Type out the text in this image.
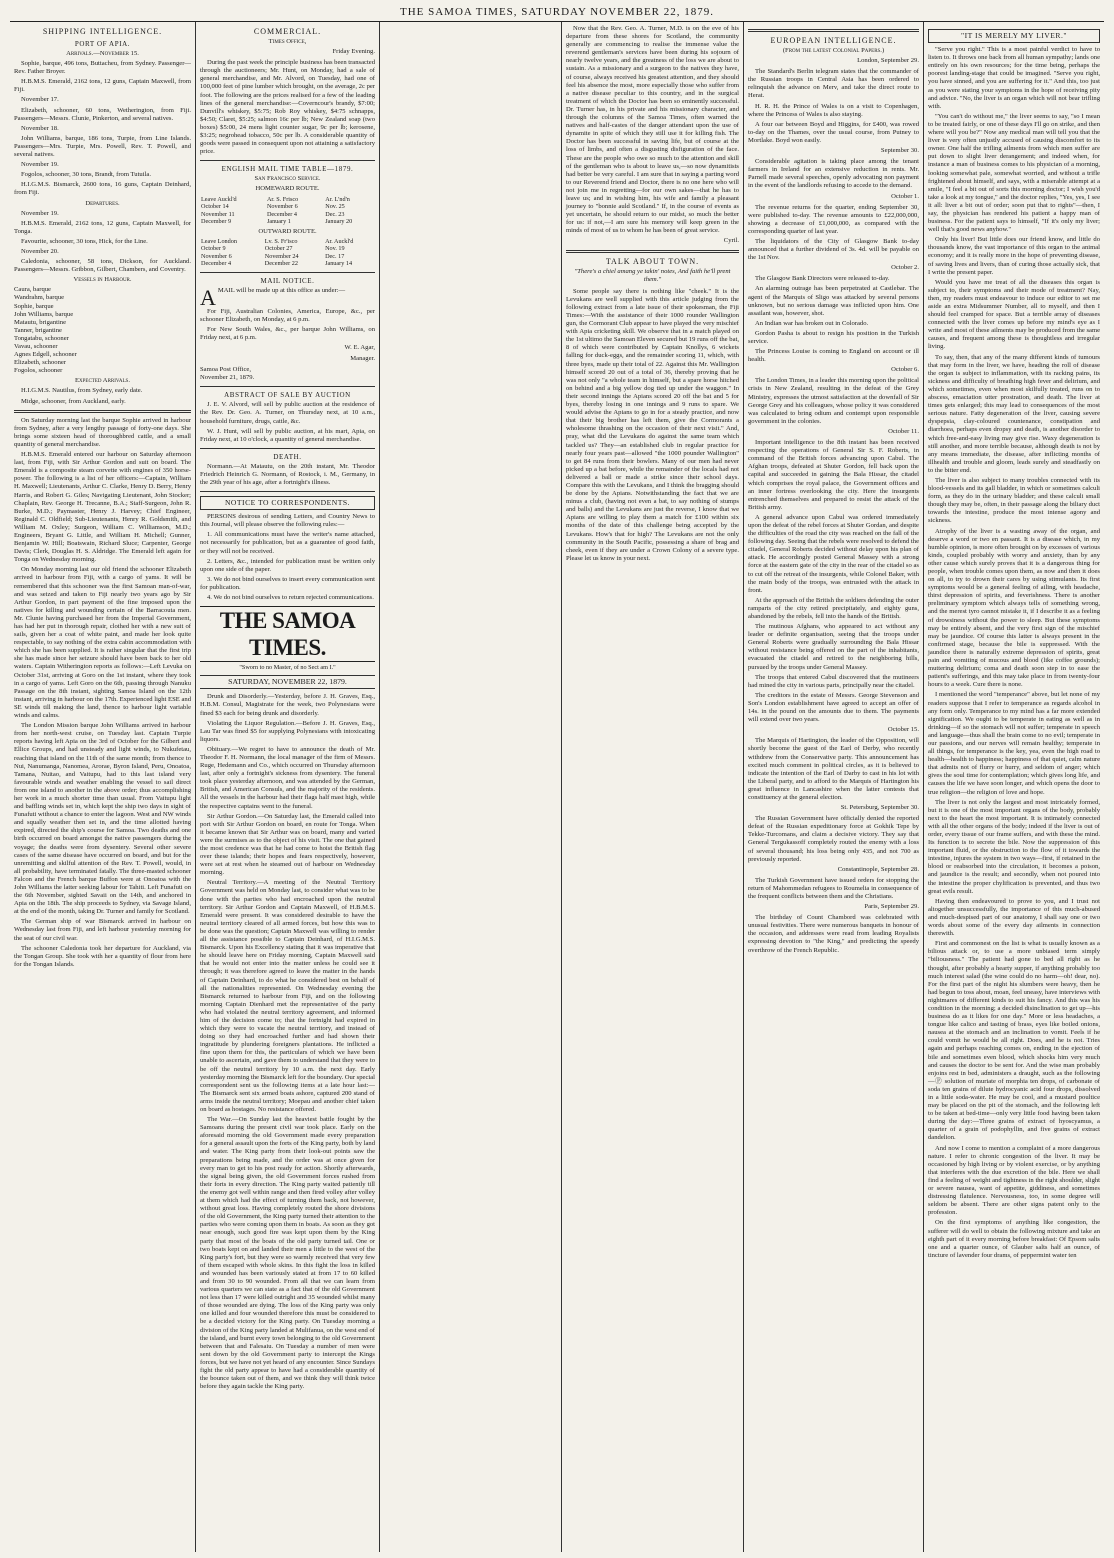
THE SAMOA TIMES, SATURDAY NOVEMBER 22, 1879.
SHIPPING INTELLIGENCE.
PORT OF APIA.
Arrivals.—November 15.

Sophie, barque, 496 tons, Buttacheu, from Sydney. Passenger—Rev. Father Broyer.

H.B.M.S. Emerald, 2162 tons, 12 guns, Captain Maxwell, from Fiji.

November 17.

Elizabeth, schooner, 60 tons, Wetherington, from Fiji. Passengers—Messrs. Clunie, Pinkerton, and several natives.

November 18.

John Williams, barque, 186 tons, Turpie, from Line Islands. Passengers—Mrs. Turpie, Mrs. Powell, Rev. T. Powell, and several natives.

November 19.

Fogolos, schooner, 30 tons, Brandt, from Tutuila.

H.I.G.M.S. Bismarck, 2600 tons, 16 guns, Captain Deinhard, from Fiji.

Departures.

November 19.

H.B.M.S. Emerald, 2162 tons, 12 guns, Captain Maxwell, for Tonga.

Favourite, schooner, 30 tons, Hick, for the Line.

November 20.

Caledonia, schooner, 58 tons, Dickson, for Auckland. Passengers—Messrs. Gribbon, Gilbert, Chambers, and Coventry.

Vessels in Harbour.
Caura, barque
Wandrahm, barque
Sophie, barque
John Williams, barque
Matautu, brigantine
Tanner, brigantine
Tongatabu, schooner
Vavau, schooner
Agnes Edgell, schooner
Elizabeth, schooner
Fogolos, schooner
Expected Arrivals.

H.I.G.M.S. Nautilus, from Sydney, early date.

Midge, schooner, from Auckland, early.

On Saturday morning last the barque Sophie arrived in harbour from Sydney, after a very lengthy passage of forty-one days. She brings some sixteen head of thoroughbred cattle, and a small quantity of general merchandise.

H.B.M.S. Emerald entered our harbour on Saturday afternoon last, from Fiji, with Sir Arthur Gordon and suit on board. The Emerald is a composite steam corvette with engines of 350 horse-power. The following is a list of her officers:—Captain, William H. Maxwell; Lieutenants, Arthur C. Clarke, Henry D. Berry, Henry Harris, and Robert G. Giles; Navigating Lieutenant, John Stocker; Chaplain, Rev. George H. Trecanne, B.A.; Staff-Surgeon, John R. Burke, M.D.; Paymaster, Henry J. Harvey; Chief Engineer, Reginald C. Oldfield; Sub-Lieutenants, Henry R. Goldsmith, and William M. Oxley; Surgeon, William C. Williamson, M.D.; Engineers, Bryant G. Little, and William H. Michell; Gunner, Benjamin W. Hill; Boatswain, Richard Sluce; Carpenter, George Davis; Clerk, Douglas H. S. Aldridge. The Emerald left again for Tonga on Wednesday morning.

On Monday morning last our old friend the schooner Elizabeth arrived in harbour from Fiji, with a cargo of yams. It will be remembered that this schooner was the first Samoan man-of-war, and was seized and taken to Fiji nearly two years ago by Sir Arthur Gordon, in part payment of the fine imposed upon the natives for killing and wounding certain of the Barracouta men. Mr. Clunie having purchased her from the Imperial Government, has had her put in thorough repair, clothed her with a new suit of sails, given her a coat of white paint, and made her look quite respectable, to say nothing of the extra cabin accommodation with which she has been supplied. It is rather singular that the first trip she has made since her seizure should have been back to her old waters. Captain Witherington reports as follows:—Left Levuka on October 31st, arriving at Goro on the 1st instant, where they took in a cargo of yams. Left Goro on the 6th, passing through Nanuku Passage on the 8th instant, sighting Samoa Island on the 12th instant, arriving in harbour on the 17th. Experienced light ESE and SE winds till making the land, thence to harbour light variable winds and calms.

The London Mission barque John Williams arrived in harbour from her north-west cruise, on Tuesday last. Captain Turpie reports having left Apia on the 3rd of October for the Gilbert and Ellice Groups, and had unsteady and light winds, to Nukufetau, reaching that island on the 11th of the same month; from thence to Nui, Nanumanga, Nanomea, Arorae, Byron Island, Peru, Onoatoa, Tamana, Nuitao, and Vaitupu, had to this last island very favourable winds and weather enabling the vessel to sail direct from one island to another in the above order; thus accomplishing her work in a much shorter time than usual. From Vaitupu light and baffling winds set in, which kept the ship two days in sight of Funafuti without a chance to enter the lagoon. West and NW winds and squally weather then set in, and the time allotted having expired, directed the ship's course for Samoa. Two deaths and one birth occurred on board amongst the native passengers during the voyage; the deaths were from dysentery. Several other severe cases of the same disease have occurred on board, and but for the unremitting and skilful attention of the Rev. T. Powell, would, in all probability, have terminated fatally. The three-masted schooner Falcon and the French barque Buffon were at Onoatoa with the John Williams the latter seeking labour for Tahiti. Left Funafuti on the 6th November, sighted Savaii on the 14th, and anchored in Apia on the 18th. The ship proceeds to Sydney, via Savage Island, at the end of the month, taking Dr. Turner and family for Scotland.

The German ship of war Bismarck arrived in harbour on Wednesday last from Fiji, and left harbour yesterday morning for the seat of our civil war.

The schooner Caledonia took her departure for Auckland, via the Tongan Group. She took with her a quantity of flour from here for the Tongan Islands.

COMMERCIAL.
Times Office,
Friday Evening.

During the past week the principle business has been transacted through the auctioneers; Mr. Hunt, on Monday, had a sale of general merchandise, and Mr. Alvord, on Tuesday, had one of 100,000 feet of pine lumber which brought, on the average, 2c per foot. The following are the prices realised for a few of the leading lines of the general merchandise:—Coverncour's brandy, $7:00; Dunvill's whiskey, $5:75; Rob Roy whiskey, $4:75 schnapps, $4:50; Claret, $5:25; salmon 16c per lb; New Zealand soap (two boxes) $5:00, 24 mens light counter sugar, 9c per lb; kerosene, $3:25; negrohead tobacco, 50c per lb. A considerable quantity of goods were passed in consequent upon not attaining a satisfactory price.

ENGLISH MAIL TIME TABLE—1879.
San Francisco Service.
HOMEWARD ROUTE.
Leave Auckl'd	Ar. S. Frisco	Ar. L'nd'n
October 14	November 6	Nov. 25
November 11	December 4	Dec. 23
December 9	January 1	January 20
OUTWARD ROUTE.
Leave London	Lv. S. Fr'isco	Ar. Auckl'd
October 9	October 27	Nov. 19
November 6	November 24	Dec. 17
December 4	December 22	January 14
MAIL NOTICE.

AMAIL will be made up at this office as under:—

For Fiji, Australian Colonies, America, Europe, &c., per schooner Elizabeth, on Monday, at 6 p.m.

For New South Wales, &c., per barque John Williams, on Friday next, at 6 p.m.

W. E. Agar,
Manager.
Samoa Post Office,
November 21, 1879.
ABSTRACT OF SALE BY AUCTION

J. E. V. Alvord, will sell by public auction at the residence of the Rev. Dr. Geo. A. Turner, on Thursday next, at 10 a.m., household furniture, drugs, cattle, &c.

W. J. Hunt, will sell by public auction, at his mart, Apia, on Friday next, at 10 o'clock, a quantity of general merchandise.

DEATH.

Normann.—At Matautu, on the 20th instant, Mr. Theodor Friedrich Heinrich G. Normann, of Rostock, i. M., Germany, in the 29th year of his age, after a fortnight's illness.

NOTICE TO CORRESPONDENTS.

PERSONS desirous of sending Letters, and Country News to this Journal, will please observe the following rules:—

1. All communications must have the writer's name attached, not necessarily for publication, but as a guarantee of good faith, or they will not be received.

2. Letters, &c., intended for publication must be written only upon one side of the paper.

3. We do not bind ourselves to insert every communication sent for publication.

4. We do not bind ourselves to return rejected communications.

THE SAMOA TIMES.
"Sworn to no Master, of no Sect am I."
SATURDAY, NOVEMBER 22, 1879.

Drunk and Disorderly.—Yesterday, before J. H. Graves, Esq., H.B.M. Consul, Magistrate for the week, two Polynesians were fined $3 each for being drunk and disorderly.

Violating the Liquor Regulation.—Before J. H. Graves, Esq., Lau Tar was fined $5 for supplying Polynesians with intoxicating liquors.

Obituary.—We regret to have to announce the death of Mr. Theodor F. H. Normann, the local manager of the firm of Messrs. Ruge, Hedemann and Co., which occurred on Thursday afternoon last, after only a fortnight's sickness from dysentery. The funeral took place yesterday afternoon, and was attended by the German, British, and American Consuls, and the majority of the residents. All the vessels in the harbour had their flags half mast high, while the respective captains went to the funeral.

Sir Arthur Gordon.—On Saturday last, the Emerald called into port with Sir Arthur Gordon on board, en route for Tonga. When it became known that Sir Arthur was on board, many and varied were the surmises as to the object of his visit. The one that gained the most credence was that he had come to hoist the British flag over these islands; their hopes and fears respectively, however, were set at rest when he steamed out of harbour on Wednesday morning.

Neutral Territory.—A meeting of the Neutral Territory Government was held on Monday last, to consider what was to be done with the parties who had encroached upon the neutral territory. Sir Arthur Gordon and Captain Maxwell, of H.B.M.S. Emerald were present. It was considered desirable to have the neutral territory cleared of all armed forces, but how this was to be done was the question; Captain Maxwell was willing to render all the assistance possible to Captain Deinhard, of H.I.G.M.S. Bismarck. Upon his Excellency stating that it was imperative that he should leave here on Friday morning, Captain Maxwell said that he would not enter into the matter unless he could see it through; it was therefore agreed to leave the matter in the hands of Captain Deinhard, to do what he considered best on behalf of all the nationalities represented. On Wednesday evening the Bismarck returned to harbour from Fiji, and on the following morning Captain Dienhard met the representative of the party who had violated the neutral territory agreement, and informed him of the decision come to; that the fortnight had expired in which they were to vacate the neutral territory, and instead of doing so they had encroached further and had shown their ingratitude by plundering foreigners plantations. He inflicted a fine upon them for this, the particulars of which we have been unable to ascertain, and gave them to understand that they were to be off the neutral territory by 10 a.m. the next day. Early yesterday morning the Bismarck left for the boundary. Our special correspondent sent us the following items at a late hour last:—The Bismarck sent six armed boats ashore, captured 200 stand of arms inside the neutral territory; Moepau and another chief taken on board as hostages. No resistance offered.

The War.—On Sunday last the heaviest battle fought by the Samoans during the present civil war took place. Early on the aforesaid morning the old Government made every preparation for a general assault upon the forts of the King party, both by land and water. The King party from their look-out points saw the preparations being made, and the order was at once given for every man to get to his post ready for action. Shortly afterwards, the signal being given, the old Government forces rushed from their forts in every direction. The King party waited patiently till the enemy got well within range and then fired volley after volley at them which had the effect of turning them back, not however, without great loss. Having completely routed the shore divisions of the old Government, the King party turned their attention to the parties who were coming upon them in boats. As soon as they got near enough, such good fire was kept upon them by the King party that most of the boats of the old party turned tail. One or two boats kept on and landed their men a little to the west of the King party's fort, but they were so warmly received that very few of them escaped with whole skins. In this fight the loss in killed and wounded has been variously stated at from 17 to 60 killed and from 30 to 90 wounded. From all that we can learn from various quarters we can state as a fact that of the old Government not less than 17 were killed outright and 35 wounded whilst many of those wounded are dying. The loss of the King party was only one killed and four wounded therefore this must be considered to be a decided victory for the King party. On Tuesday morning a division of the King party landed at Mulifanua, on the west end of the island, and burnt every town belonging to the old Government between that and Falesaiu. On Tuesday a number of men were sent down by the old Government party to intercept the Kings forces, but we have not yet heard of any encounter. Since Sundays fight the old party appear to have had a considerable quantity of the bounce taken out of them, and we think they will think twice before they again tackle the King party.

Now that the Rev. Geo. A. Turner, M.D. is on the eve of his departure from these shores for Scotland, the community generally are commencing to realise the immense value the reverend gentleman's services have been during his sojourn of nearly twelve years, and the greatness of the loss we are about to sustain. As a missionary and a surgeon to the natives they have, of course, always received his greatest attention, and they should feel his absence the most, more especially those who suffer from a native disease peculiar to this country, and in the surgical treatment of which the Doctor has been so eminently successful. Dr. Turner has, in his private and his missionary character, and through the columns of the Samoa Times, often warned the natives and half-castes of the danger attendant upon the use of dynamite in spite of which they still use it for killing fish. The Doctor has been successful in saving life, but of course at the loss of limbs, and often a disgusting disfiguration of the face. These are the people who owe so much to the attention and skill of the gentleman who is about to leave us,—so now dynamitists had better be very careful. I am sure that in saying a parting word to our Reverend friend and Doctor, there is no one here who will not join me in regretting—for our own sakes—that he has to leave us; and in wishing him, his wife and family a pleasant journey to "bonnie auld Scotland." If, in the course of events as yet uncertain, he should return to our midst, so much the better for us: if not,—I am sure his memory will keep green in the minds of most of us to whom he has been of great service.

Cyril.
TALK ABOUT TOWN.
"There's a chiel amang ye takin' notes, And faith he'll prent them."

Some people say there is nothing like "cheek." It is the Levukans are well supplied with this article judging from the following extract from a late issue of their spokesman, the Fiji Times:—With the assistance of their 1000 rounder Wallington gun, the Cormorant Club appear to have played the very mischief with Apia cricketing skill. We observe that in a match played on the 1st ultimo the Samoan Eleven secured but 19 runs off the bat, 8 of which were contributed by Captain Knollys, 6 wickets falling for duck-eggs, and the remainder scoring 11, which, with three byes, made up their total of 22. Against this Mr. Wallington himself scored 20 out of a total of 36, thereby proving that he was not only "a whole team in himself, but a spare horse hitched on behind and a big yellow dog tied up under the waggon." In their second innings the Apians scored 20 off the bat and 5 for byes, thereby losing in one innings and 9 runs to spare. We would advise the Apians to go in for a steady practice, and now that their big brother has left them, give the Cormorants a wholesome thrashing on the occasion of their next visit." And, pray, what did the Levukans do against the same team which tackled us? They—an established club in regular practice for nearly four years past—allowed "the 1000 pounder Wallington" to get 84 runs from their bowlers. Many of our men had never picked up a bat before, while the remainder of the locals had not delivered a ball or made a strike since their school days. Compare this with the Levukans, and I think the bragging should be done by the Apians. Notwithstanding the fact that we are minus a club, (having not even a bat, to say nothing of stumps and balls) and the Levukans are just the reverse, I know that we Apians are willing to play them a match for £100 within six months of the date of this challenge being accepted by the Levukans. How's that for high? The Levukans are not the only community in the South Pacific, possessing a share of brag and cheek, even if they are under a Crown Colony of a severe type. Please let us know in your next.

EUROPEAN INTELLIGENCE.
(From the latest Colonial Papers.)
London, September 29.

The Standard's Berlin telegram states that the commander of the Russian troops in Central Asia has been ordered to relinquish the advance on Merv, and take the direct route to Herat.

H. R. H. the Prince of Wales is on a visit to Copenhagen, where the Princess of Wales is also staying.

A four oar between Boyd and Higgins, for £400, was rowed to-day on the Thames, over the usual course, from Putney to Mortlake. Boyd won easily.

September 30.

Considerable agitation is taking place among the tenant farmers in Ireland for an extensive reduction in rents. Mr. Parnell made several speeches, openly advocating non payment in the event of the landlords refusing to accede to the demand.

October 1.

The revenue returns for the quarter, ending September 30, were published to-day. The revenue amounts to £22,000,000, showing a decrease of £1,000,000, as compared with the corresponding quarter of last year.

The liquidators of the City of Glasgow Bank to-day announced that a further dividend of 3s. 4d. will be payable on the 1st Nov.

October 2.

The Glasgow Bank Directors were released to-day.

An alarming outrage has been perpetrated at Castlebar. The agent of the Marquis of Sligo was attacked by several persons unknown, but no serious damage was inflicted upon him. One assailant was, however, shot.

An Indian war has broken out in Colorado.

Gordon Pasha is about to resign his position in the Turkish service.

The Princess Louise is coming to England on account or ill health.

October 6.

The London Times, in a leader this morning upon the political crisis in New Zealand, resulting in the defeat of the Grey Ministry, expresses the utmost satisfaction at the downfall of Sir George Grey and his colleagues, whose policy it was considered was calculated to bring odium and contempt upon responsible government in the colonies.

October 11.

Important intelligence to the 8th instant has been received respecting the operations of General Sir S. F. Roberts, in command of the British forces advancing upon Cabul. The Afghan troops, defeated at Shuter Gordon, fell back upon the capital and succeeded in gaining the Bala Hissar, the citadel which comprises the royal palace, the Government offices and an inner fortress overlooking the city. Here the insurgents entrenched themselves and prepared to resist the attack of the British army.

A general advance upon Cabul was ordered immediately upon the defeat of the rebel forces at Shuter Gordan, and despite the difficulties of the road the city was reached on the fall of the following day. Seeing that the rebels were resolved to defend the citadel, General Roberts decided without delay upon his plan of attack. He accordingly posted General Massey with a strong force at the eastern gate of the city in the rear of the citadel so as to cut off the retreat of the insurgents, while Colonel Baker, with the main body of the troops, was entrusted with the attack in front.

At the approach of the British the soldiers defending the outer ramparts of the city retired precipitately, and eighty guns, abandoned by the rebels, fell into the hands of the British.

The mutinous Afghans, who appeared to act without any leader or definite organisation, seeing that the troops under General Roberts were gradually surrounding the Bala Hissar without resistance being offered on the part of the inhabitants, evacuated the citadel and retired to the neighboring hills, pursued by the troops under General Massey.

The troops that entered Cabul discovered that the mutineers had mined the city in various parts, principally near the citadel.

The creditors in the estate of Messrs. George Stevenson and Son's London establishment have agreed to accept an offer of 14s. in the pound on the amounts due to them. The payments will extend over two years.

October 15.

The Marquis of Hartington, the leader of the Opposition, will shortly become the guest of the Earl of Derby, who recently withdrew from the Conservative party. This announcement has excited much comment in political circles, as it is believed to indicate the intention of the Earl of Darby to cast in his lot with the Liberal party, and to afford to the Marquis of Hartington his great influence in Lancashire when the latter contests that constituency at the general election.

St. Petersburg, September 30.

The Russian Government have officially denied the reported defeat of the Russian expeditionary force at Gokhik Tepe by Tekke-Turcomans, and claim a decisive victory. They say that General Tergukassoff completely routed the enemy with a loss of several thousand; his loss being only 435, and not 700 as previously reported.

Constantinople, September 28.

The Turkish Government have issued orders for stopping the return of Mahommedan refugees to Roumelia in consequence of the frequent conflicts between them and the Christians.

Paris, September 29.

The birthday of Count Chambord was celebrated with unusual festivities. There were numerous banquets in honour of the occasion, and addresses were read from leading Royalists expressing devotion to "the King," and predicting the speedy overthrow of the French Republic.

"IT IS MERELY MY LIVER."

"Serve you right." This is a most painful verdict to have to listen to. It throws one back from all human sympathy; lands one entirely on his own resources; for the time being, perhaps the poorest landing-stage that could be imagined. "Serve you right, you have sinned, and you are suffering for it." And this, too just as you were stating your symptoms in the hope of receiving pity and advice. "No, the liver is an organ which will not bear trifling with.

"You can't do without me," the liver seems to say, "so I mean to be treated fairly, or one of these days I'll go on strike, and then where will you be?" Now any medical man will tell you that the liver is very often unjustly accused of causing discomfort to its owner. One half the trifling ailments from which men suffer are put down to slight liver derangement; and indeed when, for instance a man of business comes to his physician of a morning, looking somewhat pale, somewhat worried, and without a trifle frightened about himself, and says, with a miserable attempt at a smile, "I feel a bit out of sorts this morning doctor; I wish you'd take a look at my tongue," and the doctor replies, "Yes, yes, I see it all: liver a bit out of order; soon put that to rights"—then, I say, the physician has rendered his patient a happy man of business. For the patient says to himself, "If it's only my liver; well that's good news anyhow."

Only his liver! But little does our friend know, and little do thousands know, the vast importance of this organ to the animal economy; and it is really more in the hope of preventing disease, of saving lives and livers, than of curing those actually sick, that I write the present paper.

Would you have me treat of all the diseases this organ is subject to, their symptoms and their mode of treatment? Nay, then, my readers must endeavour to induce our editor to set me aside an extra Midsummer Number, all to myself, and then I should feel cramped for space. But a terrible array of diseases connected with the liver comes up before my mind's eye as I write and most of these ailments may be produced from the same causes, and frequent among these is thoughtless and irregular living.

To say, then, that any of the many different kinds of tumours that may form in the liver, we have, heading the roll of disease the organ is subject to inflammation, with its racking pains, its sickness and difficulty of breathing high fever and delirium, and which sometimes, even when most skilfully treated, runs on to abscess, emaciation utter prostration, and death. The liver at times gets enlarged; this may lead to consequences of the most serious nature. Fatty degeneration of the liver, causing severe dyspepsia, clay-coloured countenance, constipation and diarrhoea, perhaps even dropsy and death, is another disorder to which free-and-easy living may give rise. Waxy degeneration is still another, and more terrible because, although death is not by any means immediate, the disease, after inflicting months of illhealth and trouble and gloom, leads surely and steadfastly on to the bitter end.

The liver is also subject to many troubles connected with its blood-vessels and its gall bladder, in which or sometimes calculi form, as they do in the urinary bladder; and these calculi small though they may be, often, in their passage along the biliary duct towards the intestine, produce the most intense agony and sickness.

Atrophy of the liver is a wasting away of the organ, and deserve a word or two en passant. It is a disease which, in my humble opinion, is more often brought on by excesses of various kinds, coupled probably with worry and anxiety, than by any other cause which surely proves that it is a dangerous thing for people, when trouble comes upon them, as now and then it does on all, to try to drown their cares by using stimulants. Its first symptoms would be a general feeling of ailing, with headache, thirst depression of spirits, and feverishness. There is another preliminary symptom which always tells of something wrong, and the merest tyro cannot mistake it, if I describe it as a feeling of drowsiness without the power to sleep. But these symptoms may be entirely absent, and the very first sign of the mischief may be jaundice. Of course this latter is always present in the confirmed stage, because the bile is suppressed. With the jaundice there is naturally extreme depression of spirits, great pain and vomiting of mucous and blood (like coffee grounds); muttering delirium; coma and death soon step in to ease the patient's sufferings, and this may take place in from twenty-four hours to a week. Cure there is none.

I mentioned the word "temperance" above, but let none of my readers suppose that I refer to temperance as regards alcohol in any form only. Temperance to my mind has a far more extended signification. We ought to be temperate in eating as well as in drinking—if so the stomach will not suffer; temperate in speech and language—thus shall the brain come to no evil; temperate in our passions, and our nerves will remain healthy; temperate in all things, for temperance is the key, yea, even the high road to health—health to happiness; happiness of that quiet, calm nature that admits not of flurry or hurry, and seldom of anger; which gives the soul time for contemplation; which gives long life, and causes the life we have soon longer, and which opens the door to true religion—the religion of love and hope.

The liver is not only the largest and most intricately formed, but it is one of the most important organs of the body, probably next to the heart the most important. It is intimately connected with all the other organs of the body; indeed if the liver is out of order, every tissue of our frame suffers, and with these the mind. Its function is to secrete the bile. Now the suppression of this important fluid, or the obstruction to the flow of it towards the intestine, injures the system in two ways—first, if retained in the blood or reabsorbed into the circulation, it becomes a poison, and jaundice is the result; and secondly, when not poured into the intestine the proper chylification is prevented, and thus two great evils result.

Having then endeavoured to prove to you, and I trust not altogether unsuccessfully, the importance of this much-abused and much-despised part of our anatomy, I shall say one or two words about some of the every day ailments in connection therewith.

First and commonest on the list is what is usually known as a bilious attack or, to use a more unbiased term simply "biliousness." The patient had gone to bed all right as he thought, after probably a hearty supper, if anything probably too much interest salad (the wine could do no harm—oh! dear, no). For the first part of the night his slumbers were heavy, then he had begun to toss about, moan, feel uneasy, have interviews with nightmares of different kinds to suit his fancy. And this was his condition in the morning; a decided disinclination to get up—his business do as it likes for one day." More or less headaches, a tongue like calico and tasting of brass, eyes like boiled onions, nausea at the stomach and an inclination to vomit. Feels if he could vomit he would be all right. Does, and he is not. Tries again and perhaps reaching comes on, ending in the ejection of bile and sometimes even blood, which shocks him very much and causes the doctor to be sent for. And the wise man probably enjoins rest in bed, administers a draught, such as the following—Ⓟ solution of muriate of morphia ten drops, of carbonate of soda ten grains of dilute hydrocyanic acid four drops, dissolved in a little soda-water. He may be cool, and a mustard poultice may be placed on the pit of the stomach, and the following left to be taken at bed-time—only very little food having been taken during the day:—Three grains of extract of hyoscyamus, a quarter of a grain of podophyllin, and five grains of extract dandelion.

And now I come to mention a complaint of a more dangerous nature. I refer to chronic congestion of the liver. It may be occasioned by high living or by violent exercise, or by anything that interferes with the due excretion of the bile. Here we shall find a feeling of weight and tightness in the right shoulder, slight or severe nausea, want of appetite, giddiness, and sometimes distressing flatulence. Nervousness, too, in some degree will seldom be absent. There are other signs patent only to the profession.

On the first symptoms of anything like congestion, the sufferer will do well to obtain the following mixture and take an eighth part of it every morning before breakfast: Of Epsom salts one and a quarter ounce, of Glauber salts half an ounce, of tincture of lavender four drams, of peppermint water ten
